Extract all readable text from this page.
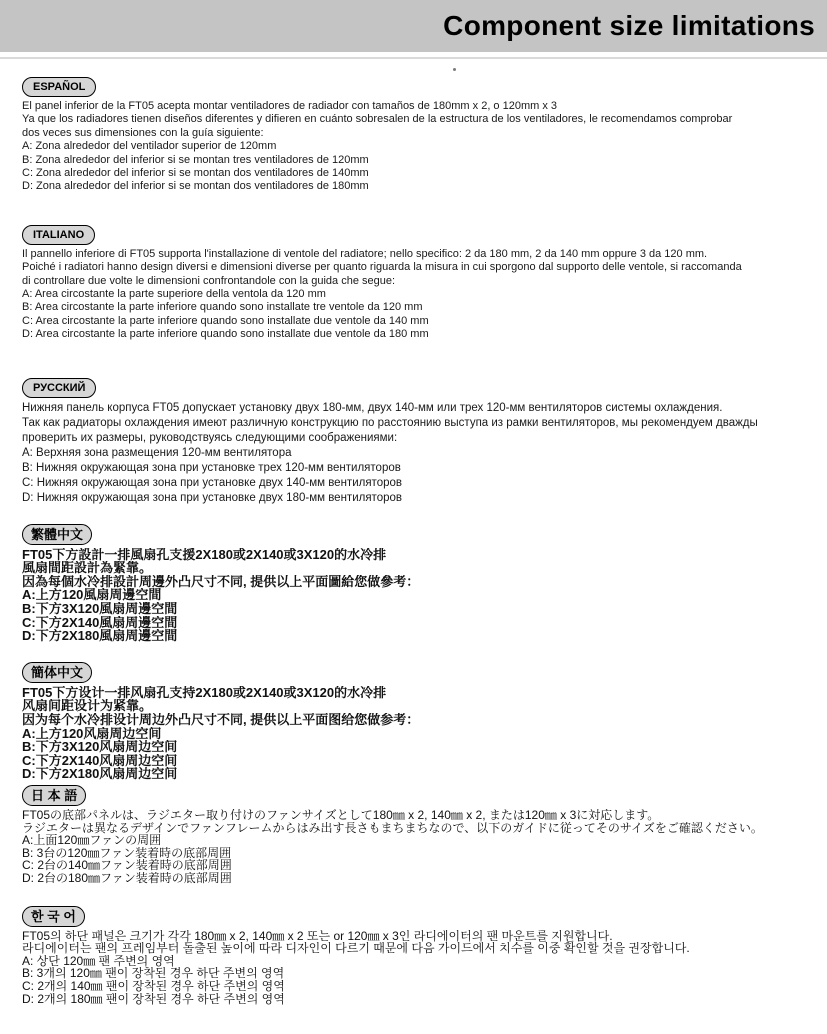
Component size limitations
ESPAÑOL
El panel inferior de la FT05 acepta montar ventiladores de radiador con tamaños de 180mm x 2, o 120mm x 3
Ya que los radiadores tienen diseños diferentes y difieren en cuánto sobresalen de la estructura de los ventiladores, le recomendamos comprobar
dos veces sus dimensiones con la guía siguiente:
A: Zona alrededor del ventilador superior de 120mm
B: Zona alrededor del inferior si se montan tres ventiladores de 120mm
C: Zona alrededor del inferior si se montan dos ventiladores de 140mm
D: Zona alrededor del inferior si se montan dos ventiladores de 180mm
ITALIANO
Il pannello inferiore di FT05 supporta l'installazione di ventole del radiatore; nello specifico: 2 da 180 mm, 2 da 140 mm oppure 3 da 120 mm.
Poiché i radiatori hanno design diversi e dimensioni diverse per quanto riguarda la misura in cui sporgono dal supporto delle ventole, si raccomanda
di controllare due volte le dimensioni confrontandole con la guida che segue:
A: Area circostante la parte superiore della ventola da 120 mm
B: Area circostante la parte inferiore quando sono installate tre ventole da 120 mm
C: Area circostante la parte inferiore quando sono installate due ventole da 140 mm
D: Area circostante la parte inferiore quando sono installate due ventole da 180 mm
РУССКИЙ
Нижняя панель корпуса FT05 допускает установку двух 180-мм, двух 140-мм или трех 120-мм вентиляторов системы охлаждения.
Так как радиаторы охлаждения имеют различную конструкцию по расстоянию выступа из рамки вентиляторов, мы рекомендуем дважды
проверить их размеры, руководствуясь следующими соображениями:
A: Верхняя зона размещения 120-мм вентилятора
B: Нижняя окружающая зона при установке трех 120-мм вентиляторов
C: Нижняя окружающая зона при установке двух 140-мм вентиляторов
D: Нижняя окружающая зона при установке двух 180-мм вентиляторов
繁體中文
FT05下方設計一排風扇孔支援2X180或2X140或3X120的水冷排
風扇間距設計為緊靠。
因為每個水冷排設計周邊外凸尺寸不同, 提供以上平面圖給您做參考：
A:上方120風扇周邊空間
B:下方3X120風扇周邊空間
C:下方2X140風扇周邊空間
D:下方2X180風扇周邊空間
簡体中文
FT05下方设计一排风扇孔支持2X180或2X140或3X120的水冷排
风扇间距设计为紧靠。
因为每个水冷排设计周边外凸尺寸不同, 提供以上平面图给您做参考：
A:上方120风扇周边空间
B:下方3X120风扇周边空间
C:下方2X140风扇周边空间
D:下方2X180风扇周边空间
日 本 語
FT05の底部パネルは、ラジエター取り付けのファンサイズとして180㎜ x 2, 140㎜ x 2, または120㎜ x 3に対応します。
ラジエターは異なるデザインでファンフレームからはみ出す長さもまちまちなので、以下のガイドに従ってそのサイズをご確認ください。
A:上面120㎜ファンの周囲
B: 3台の120㎜ファン装着時の底部周囲
C: 2台の140㎜ファン装着時の底部周囲
D: 2台の180㎜ファン装着時の底部周囲
한 국 어
FT05의 하단 패널은 크기가 각각 180㎜ x 2, 140㎜ x 2 또는 or 120㎜ x 3인 라디에이터의 팬 마운트를 지원합니다.
라디에이터는 팬의 프레임부터 돌출된 높이에 따라 디자인이 다르기 때문에 다음 가이드에서 치수를 이중 확인할 것을 권장합니다.
A: 상단 120㎜ 팬 주변의 영역
B: 3개의 120㎜ 팬이 장착된 경우 하단 주변의 영역
C: 2개의 140㎜ 팬이 장착된 경우 하단 주변의 영역
D: 2개의 180㎜ 팬이 장착된 경우 하단 주변의 영역
